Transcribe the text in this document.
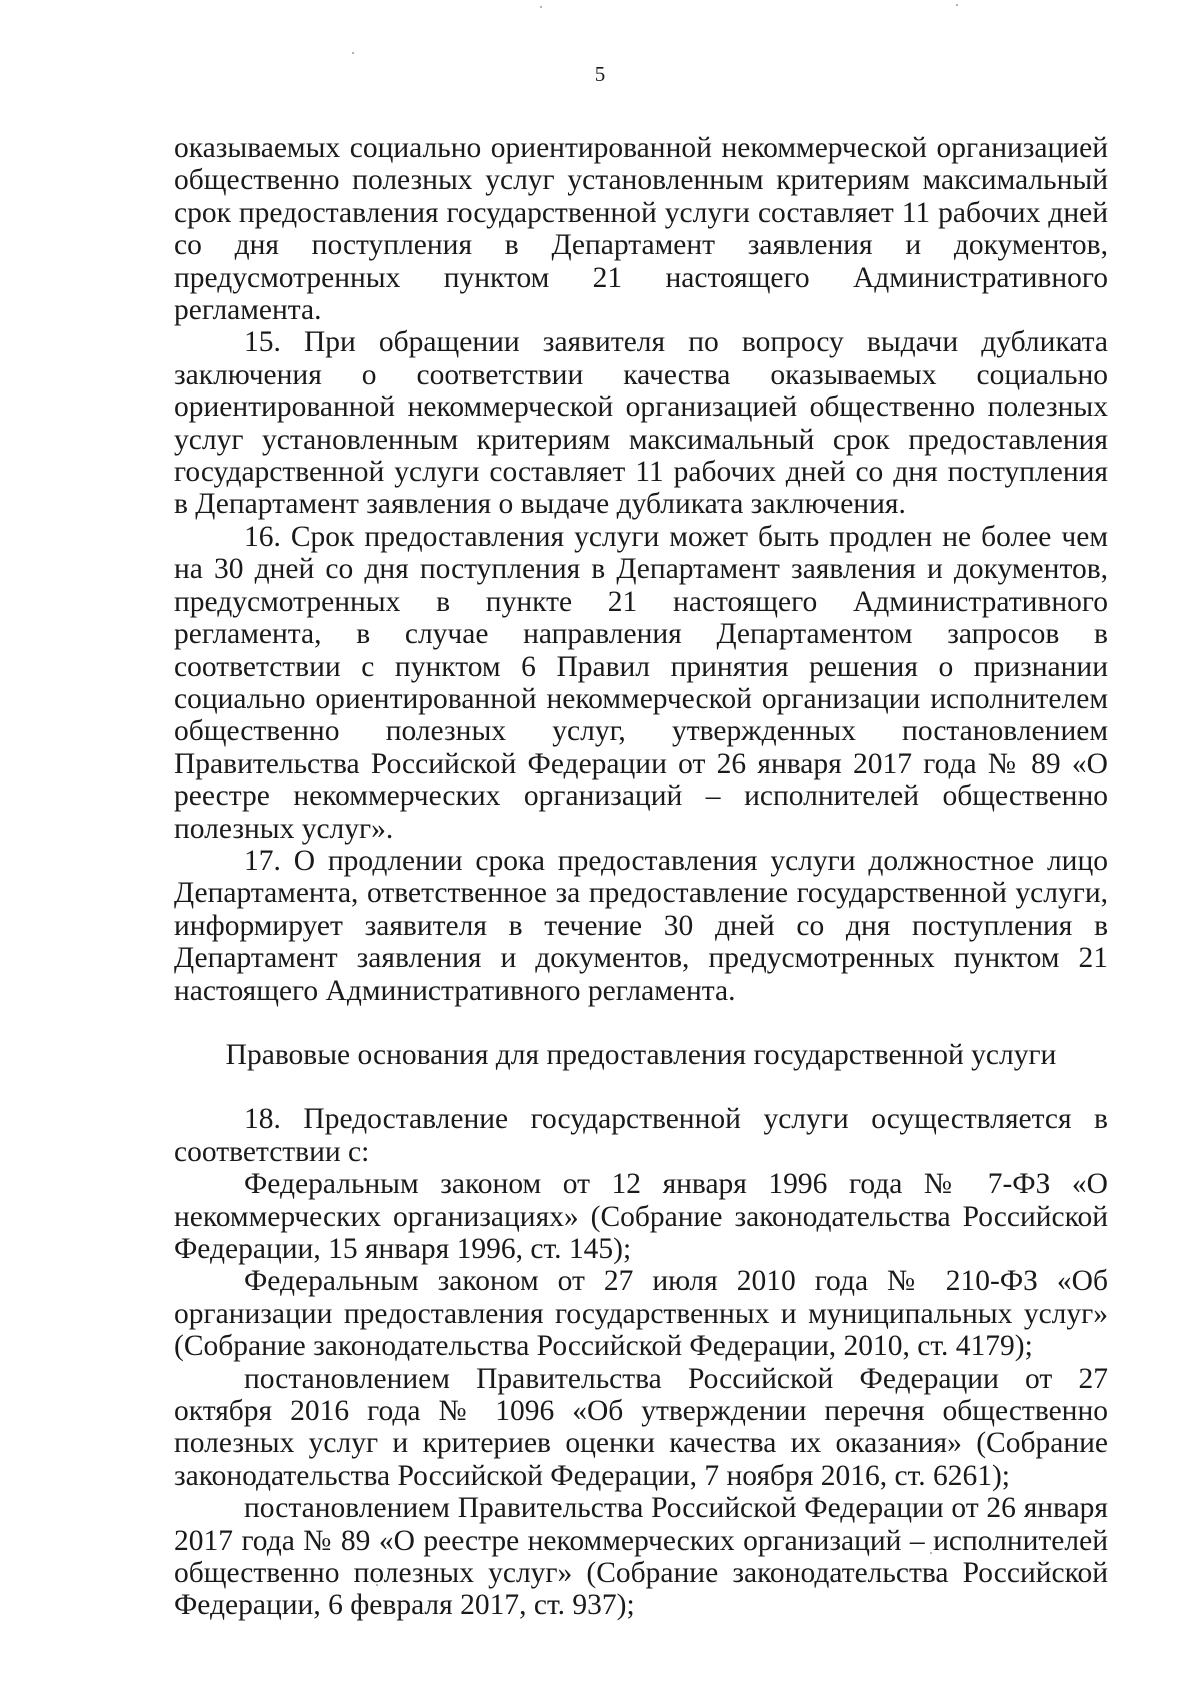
5

оказываемых социально ориентированной некоммерческой организацией общественно полезных услуг установленным критериям максимальный срок предоставления государственной услуги составляет 11 рабочих дней со дня поступления в Департамент заявления и документов, предусмотренных пунктом 21 настоящего Административного регламента.

15. При обращении заявителя по вопросу выдачи дубликата заключения о соответствии качества оказываемых социально ориентированной некоммерческой организацией общественно полезных услуг установленным критериям максимальный срок предоставления государственной услуги составляет 11 рабочих дней со дня поступления в Департамент заявления о выдаче дубликата заключения.

16. Срок предоставления услуги может быть продлен не более чем на 30 дней со дня поступления в Департамент заявления и документов, предусмотренных в пункте 21 настоящего Административного регламента, в случае направления Департаментом запросов в соответствии с пунктом 6 Правил принятия решения о признании социально ориентированной некоммерческой организации исполнителем общественно полезных услуг, утвержденных постановлением Правительства Российской Федерации от 26 января 2017 года № 89 «О реестре некоммерческих организаций – исполнителей общественно полезных услуг».

17. О продлении срока предоставления услуги должностное лицо Департамента, ответственное за предоставление государственной услуги, информирует заявителя в течение 30 дней со дня поступления в Департамент заявления и документов, предусмотренных пунктом 21 настоящего Административного регламента.

Правовые основания для предоставления государственной услуги

18. Предоставление государственной услуги осуществляется в соответствии с:

Федеральным законом от 12 января 1996 года № 7-ФЗ «О некоммерческих организациях» (Собрание законодательства Российской Федерации, 15 января 1996, ст. 145);

Федеральным законом от 27 июля 2010 года № 210-ФЗ «Об организации предоставления государственных и муниципальных услуг» (Собрание законодательства Российской Федерации, 2010, ст. 4179);

постановлением Правительства Российской Федерации от 27 октября 2016 года № 1096 «Об утверждении перечня общественно полезных услуг и критериев оценки качества их оказания» (Собрание законодательства Российской Федерации, 7 ноября 2016, ст. 6261);

постановлением Правительства Российской Федерации от 26 января 2017 года № 89 «О реестре некоммерческих организаций – исполнителей общественно полезных услуг» (Собрание законодательства Российской Федерации, 6 февраля 2017, ст. 937);
